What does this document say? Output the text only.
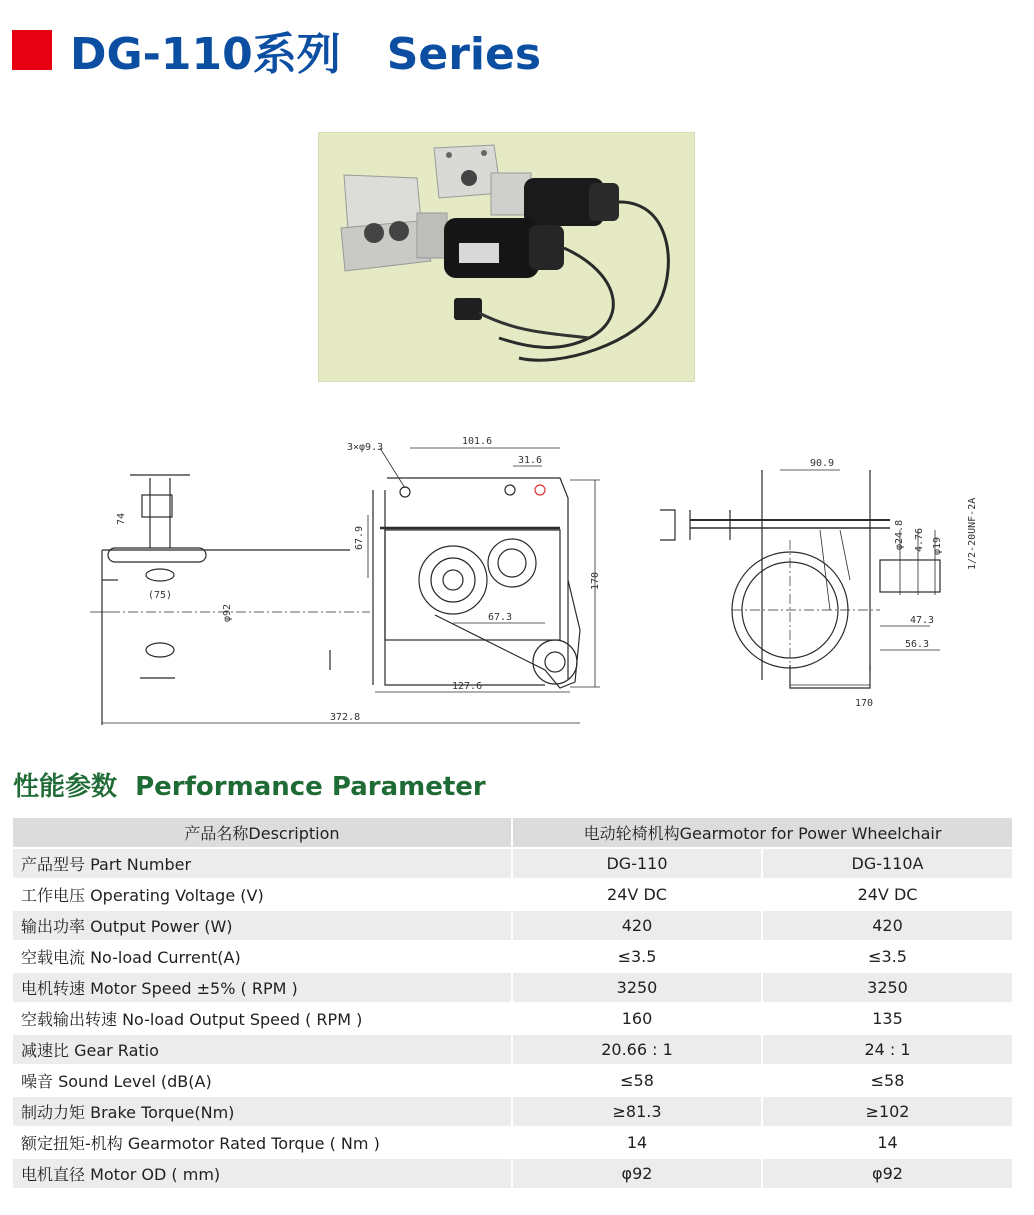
DG-110系列   Series
3×φ9.3
101.6
31.6
67.9
170
67.3
127.6
372.8
(75)
φ92
74
90.9
φ24.8 4.76 φ19 1/2-20UNF-2A
47.3
56.3
170
性能参数  Performance Parameter
产品名称Description	电动轮椅机构Gearmotor for Power Wheelchair	
产品型号 Part Number	DG-110	DG-110A
工作电压 Operating Voltage (V)	24V DC	24V DC
输出功率 Output Power (W)	420	420
空载电流 No-load Current(A)	≤3.5	≤3.5
电机转速 Motor Speed ±5% ( RPM )	3250	3250
空载输出转速 No-load Output Speed ( RPM )	160	135
减速比 Gear Ratio	20.66 : 1	24 : 1
噪音 Sound Level (dB(A)	≤58	≤58
制动力矩 Brake Torque(Nm)	≥81.3	≥102
额定扭矩-机构 Gearmotor Rated Torque ( Nm )	14	14
电机直径 Motor OD ( mm)	φ92	φ92
